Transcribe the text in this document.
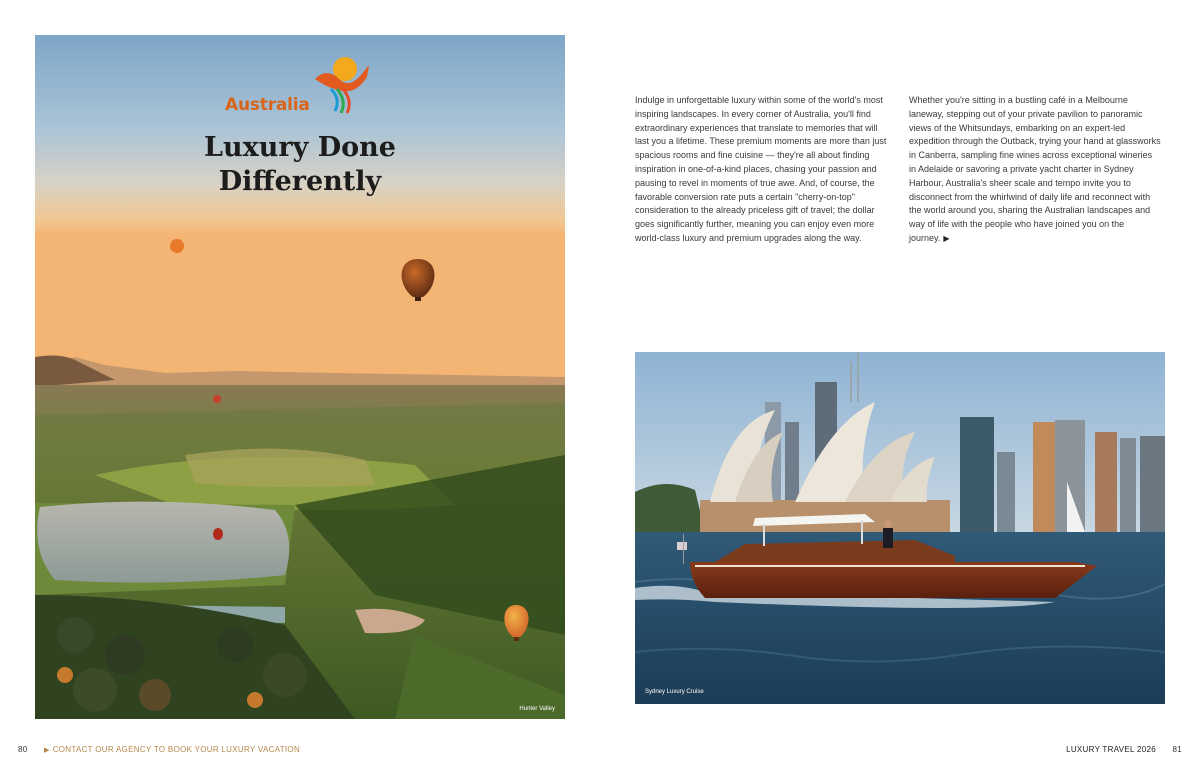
Australia
Luxury Done
Differently
Hunter Valley
Indulge in unforgettable luxury within some of the world's most inspiring landscapes. In every corner of Australia, you'll find extraordinary experiences that translate to memories that will last you a lifetime. These premium moments are more than just spacious rooms and fine cuisine — they're all about finding inspiration in one-of-a-kind places, chasing your passion and pausing to revel in moments of true awe. And, of course, the favorable conversion rate puts a certain "cherry-on-top" consideration to the already priceless gift of travel; the dollar goes significantly further, meaning you can enjoy even more world-class luxury and premium upgrades along the way.
Whether you're sitting in a bustling café in a Melbourne laneway, stepping out of your private pavilion to panoramic views of the Whitsundays, embarking on an expert-led expedition through the Outback, trying your hand at glassworks in Canberra, sampling fine wines across exceptional wineries in Adelaide or savoring a private yacht charter in Sydney Harbour, Australia's sheer scale and tempo invite you to disconnect from the whirlwind of daily life and reconnect with the world around you, sharing the Australian landscapes and way of life with the people who have joined you on the journey. ▶
Sydney Luxury Cruise
80 ▶ CONTACT OUR AGENCY TO BOOK YOUR LUXURY VACATION	LUXURY TRAVEL 2026 81
